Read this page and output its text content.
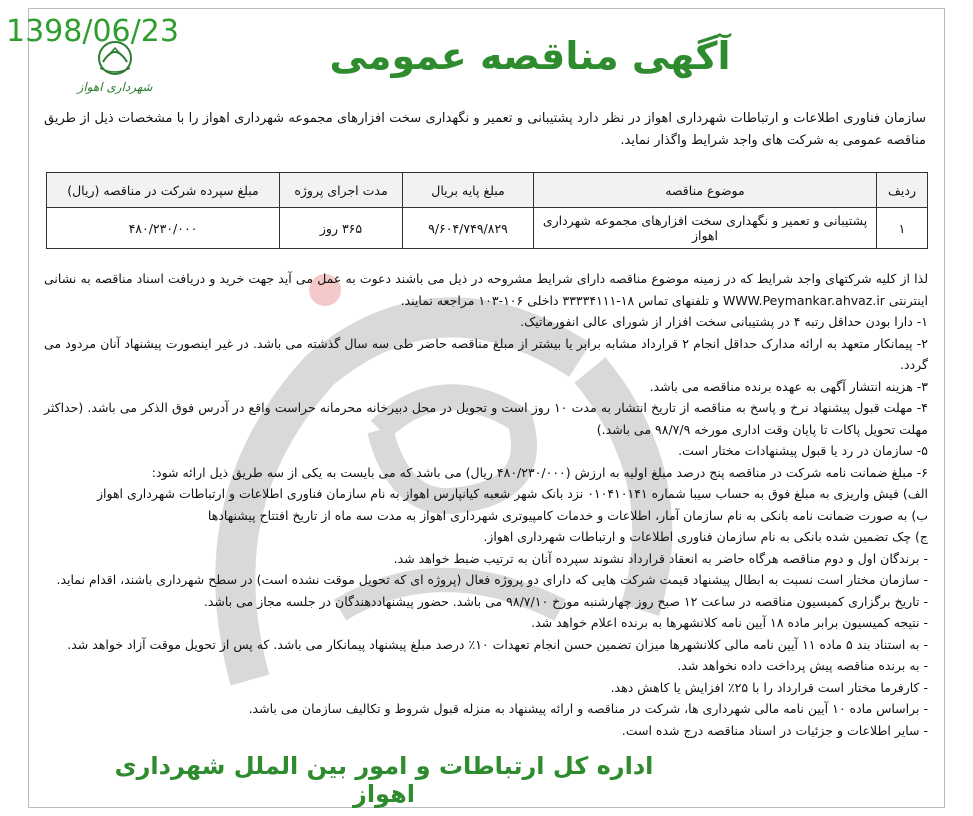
1398/06/23
شهرداری اهواز
آگهی مناقصه عمومی
سازمان فناوری اطلاعات و ارتباطات شهرداری اهواز در نظر دارد پشتیبانی و تعمیر و نگهداری سخت افزارهای مجموعه شهرداری اهواز را با مشخصات ذیل از طریق مناقصه عمومی به شرکت های واجد شرایط واگذار نماید.
ردیف	موضوع مناقصه	مبلغ پایه بریال	مدت اجرای پروژه	مبلغ سپرده شرکت در مناقصه (ریال)
۱	پشتیبانی و تعمیر و نگهداری سخت افزارهای مجموعه شهرداری اهواز	۹/۶۰۴/۷۴۹/۸۲۹	۳۶۵ روز	۴۸۰/۲۳۰/۰۰۰

لذا از کلیه شرکتهای واجد شرایط که در زمینه موضوع مناقصه دارای شرایط مشروحه در ذیل می باشند دعوت به عمل می آید جهت خرید و دریافت اسناد مناقصه به نشانی اینترنتی WWW.Peymankar.ahvaz.ir و تلفنهای تماس ۱۸-۳۳۳۳۴۱۱۱ داخلی ۱۰۶-۱۰۳ مراجعه نمایند.

۱- دارا بودن حداقل رتبه ۴ در پشتیبانی سخت افزار از شورای عالی انفورماتیک.

۲- پیمانکار متعهد به ارائه مدارک حداقل انجام ۲ قرارداد مشابه برابر یا بیشتر از مبلغ مناقصه حاضر طی سه سال گذشته می باشد. در غیر اینصورت پیشنهاد آنان مردود می گردد.

۳- هزینه انتشار آگهی به عهده برنده مناقصه می باشد.

۴- مهلت قبول پیشنهاد نرخ و پاسخ به مناقصه از تاریخ انتشار به مدت ۱۰ روز است و تحویل در محل دبیرخانه محرمانه حراست واقع در آدرس فوق الذکر می باشد. (حداکثر مهلت تحویل پاکات تا پایان وقت اداری مورخه ۹۸/۷/۹ می باشد.)

۵- سازمان در رد یا قبول پیشنهادات مختار است.

۶- مبلغ ضمانت نامه شرکت در مناقصه پنج درصد مبلغ اولیه به ارزش (۴۸۰/۲۳۰/۰۰۰ ریال) می باشد که می بایست به یکی از سه طریق ذیل ارائه شود:

الف) فیش واریزی به مبلغ فوق به حساب سیبا شماره ۰۱۰۴۱۰۱۴۱ نزد بانک شهر شعبه کیانپارس اهواز به نام سازمان فناوری اطلاعات و ارتباطات شهرداری اهواز

ب) به صورت ضمانت نامه بانکی به نام سازمان آمار، اطلاعات و خدمات کامپیوتری شهرداری اهواز به مدت سه ماه از تاریخ افتتاح پیشنهادها

ج) چک تضمین شده بانکی به نام سازمان فناوری اطلاعات و ارتباطات شهرداری اهواز.

- برندگان اول و دوم مناقصه هرگاه حاضر به انعقاد قرارداد نشوند سپرده آنان به ترتیب ضبط خواهد شد.

- سازمان مختار است نسبت به ابطال پیشنهاد قیمت شرکت هایی که دارای دو پروژه فعال (پروژه ای که تحویل موقت نشده است) در سطح شهرداری باشند، اقدام نماید.

- تاریخ برگزاری کمیسیون مناقصه در ساعت ۱۲ صبح روز چهارشنبه مورخ ۹۸/۷/۱۰ می باشد. حضور پیشنهاددهندگان در جلسه مجاز می باشد.

- نتیجه کمیسیون برابر ماده ۱۸ آیین نامه کلانشهرها به برنده اعلام خواهد شد.

- به استناد بند ۵ ماده ۱۱ آیین نامه مالی کلانشهرها میزان تضمین حسن انجام تعهدات ۱۰٪ درصد مبلغ پیشنهاد پیمانکار می باشد. که پس از تحویل موقت آزاد خواهد شد.

- به برنده مناقصه پیش پرداخت داده نخواهد شد.

- کارفرما مختار است قرارداد را با ۲۵٪ افزایش یا کاهش دهد.

- براساس ماده ۱۰ آیین نامه مالی شهرداری ها، شرکت در مناقصه و ارائه پیشنهاد به منزله قبول شروط و تکالیف سازمان می باشد.

- سایر اطلاعات و جزئیات در اسناد مناقصه درج شده است.

اداره کل ارتباطات و امور بین الملل شهرداری اهواز
